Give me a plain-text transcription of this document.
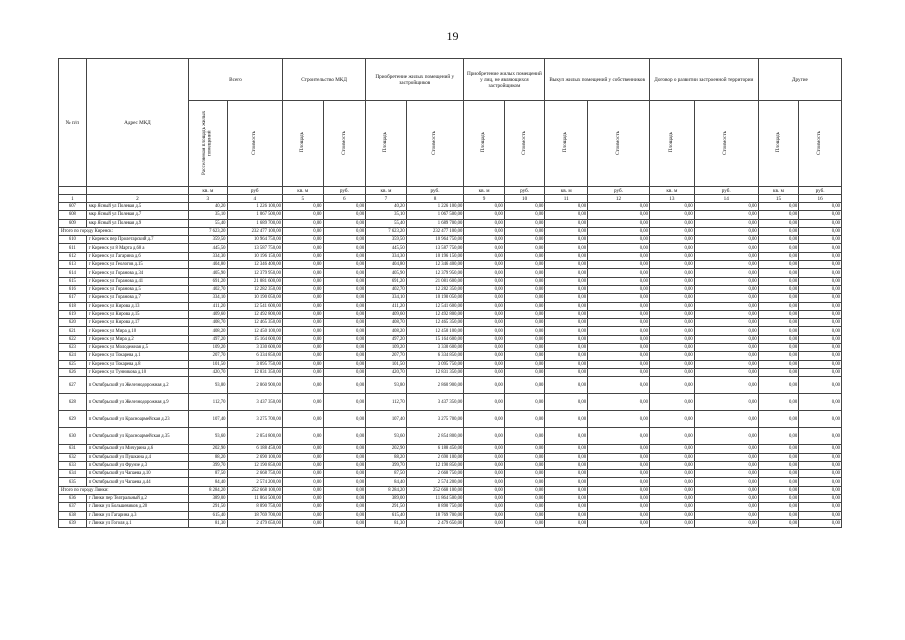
19
№ п/п	Адрес МКД	Всего		Строительство МКД		Приобретение жилых помещений у застройщиков		Приобретение жилых помещений у лиц, не являющихся застройщиком		Выкуп жилых помещений у собственников		Договор о развитии застроенной территории		Другие	
		Расселяемая площадь жилых помещений	Стоимость	Площадь	Стоимость	Площадь	Стоимость	Площадь	Стоимость	Площадь	Стоимость	Площадь	Стоимость	Площадь	Стоимость
		кв. м	руб	кв. м	руб.	кв. м	руб.	кв. м	руб.	кв. м	руб.	кв. м	руб.	кв. м	руб.
1	2	3	4	5	6	7	8	9	10	11	12	13	14	15	16
607	мкр Ясный ул Полевая д.5	40,20	1 226 100,00	0,00	0,00	40,20	1 226 100,00	0,00	0,00	0,00	0,00	0,00	0,00	0,00	0,00
608	мкр Ясный ул Полевая д.7	35,10	1 067 500,00	0,00	0,00	35,10	1 067 500,00	0,00	0,00	0,00	0,00	0,00	0,00	0,00	0,00
609	мкр Ясный ул Полевая д.9	55,40	1 689 700,00	0,00	0,00	55,40	1 689 700,00	0,00	0,00	0,00	0,00	0,00	0,00	0,00	0,00
Итого по городу Киренск:		7 623,20	232 477 100,00	0,00	0,00	7 623,20	232 477 100,00	0,00	0,00	0,00	0,00	0,00	0,00	0,00	0,00
610	г Киренск пер Пролетарский д.7	359,50	10 964 750,00	0,00	0,00	359,50	10 964 750,00	0,00	0,00	0,00	0,00	0,00	0,00	0,00	0,00
611	г Киренск ул 8 Марта д.68 а	445,50	13 587 750,00	0,00	0,00	445,50	13 587 750,00	0,00	0,00	0,00	0,00	0,00	0,00	0,00	0,00
612	г Киренск ул Гагарина д.6	334,30	10 196 150,00	0,00	0,00	334,30	10 196 150,00	0,00	0,00	0,00	0,00	0,00	0,00	0,00	0,00
613	г Киренск ул Геологов д.15	404,80	12 346 400,00	0,00	0,00	404,80	12 346 400,00	0,00	0,00	0,00	0,00	0,00	0,00	0,00	0,00
614	г Киренск ул Горанова д.34	405,90	12 379 950,00	0,00	0,00	405,90	12 379 950,00	0,00	0,00	0,00	0,00	0,00	0,00	0,00	0,00
615	г Киренск ул Горанова д.41	691,20	21 081 600,00	0,00	0,00	691,20	21 081 600,00	0,00	0,00	0,00	0,00	0,00	0,00	0,00	0,00
616	г Киренск ул Горанова д.5	402,70	12 282 350,00	0,00	0,00	402,70	12 282 350,00	0,00	0,00	0,00	0,00	0,00	0,00	0,00	0,00
617	г Киренск ул Горанова д.7	334,10	10 190 050,00	0,00	0,00	334,10	10 190 050,00	0,00	0,00	0,00	0,00	0,00	0,00	0,00	0,00
618	г Киренск ул Кирова д.13	411,20	12 541 600,00	0,00	0,00	411,20	12 541 600,00	0,00	0,00	0,00	0,00	0,00	0,00	0,00	0,00
619	г Киренск ул Кирова д.15	409,60	12 492 800,00	0,00	0,00	409,60	12 492 800,00	0,00	0,00	0,00	0,00	0,00	0,00	0,00	0,00
620	г Киренск ул Кирова д.17	408,70	12 465 350,00	0,00	0,00	408,70	12 465 350,00	0,00	0,00	0,00	0,00	0,00	0,00	0,00	0,00
621	г Киренск ул Мира д.10	408,20	12 450 100,00	0,00	0,00	408,20	12 450 100,00	0,00	0,00	0,00	0,00	0,00	0,00	0,00	0,00
622	г Киренск ул Мира д.2	497,20	15 164 600,00	0,00	0,00	497,20	15 164 600,00	0,00	0,00	0,00	0,00	0,00	0,00	0,00	0,00
623	г Киренск ул Молодежная д.5	109,20	3 330 600,00	0,00	0,00	109,20	3 330 600,00	0,00	0,00	0,00	0,00	0,00	0,00	0,00	0,00
624	г Киренск ул Токарева д.1	207,70	6 334 850,00	0,00	0,00	207,70	6 334 850,00	0,00	0,00	0,00	0,00	0,00	0,00	0,00	0,00
625	г Киренск ул Токарева д.8	101,50	3 095 750,00	0,00	0,00	101,50	3 095 750,00	0,00	0,00	0,00	0,00	0,00	0,00	0,00	0,00
626	г Киренск ул Тунникова д.10	420,70	12 831 350,00	0,00	0,00	420,70	12 831 350,00	0,00	0,00	0,00	0,00	0,00	0,00	0,00	0,00
627	п Октябрьский ул Железнодорожная д.2	93,80	2 860 900,00	0,00	0,00	93,80	2 860 900,00	0,00	0,00	0,00	0,00	0,00	0,00	0,00	0,00
628	п Октябрьский ул Железнодорожная д.9	112,70	3 437 350,00	0,00	0,00	112,70	3 437 350,00	0,00	0,00	0,00	0,00	0,00	0,00	0,00	0,00
629	п Октябрьский ул Красноармейская д.23	107,40	3 275 700,00	0,00	0,00	107,40	3 275 700,00	0,00	0,00	0,00	0,00	0,00	0,00	0,00	0,00
630	п Октябрьский ул Красноармейская д.35	93,60	2 854 800,00	0,00	0,00	93,60	2 854 800,00	0,00	0,00	0,00	0,00	0,00	0,00	0,00	0,00
631	п Октябрьский ул Мичурина д.6	202,90	6 188 450,00	0,00	0,00	202,90	6 188 450,00	0,00	0,00	0,00	0,00	0,00	0,00	0,00	0,00
632	п Октябрьский ул Пушкина д.4	88,20	2 690 100,00	0,00	0,00	88,20	2 690 100,00	0,00	0,00	0,00	0,00	0,00	0,00	0,00	0,00
633	п Октябрьский ул Фрунзе д.3	399,70	12 190 850,00	0,00	0,00	399,70	12 190 850,00	0,00	0,00	0,00	0,00	0,00	0,00	0,00	0,00
634	п Октябрьский ул Чапаева д.10	87,50	2 668 750,00	0,00	0,00	87,50	2 668 750,00	0,00	0,00	0,00	0,00	0,00	0,00	0,00	0,00
635	п Октябрьский ул Чапаева д.44	84,40	2 574 200,00	0,00	0,00	84,40	2 574 200,00	0,00	0,00	0,00	0,00	0,00	0,00	0,00	0,00
Итого по городу Лянки:		8 284,20	252 668 100,00	0,00	0,00	8 284,20	252 668 100,00	0,00	0,00	0,00	0,00	0,00	0,00	0,00	0,00
636	г Лянки пер Театральный д.2	389,00	11 864 500,00	0,00	0,00	389,00	11 864 500,00	0,00	0,00	0,00	0,00	0,00	0,00	0,00	0,00
637	г Лянки ул Большевиков д.20	291,50	8 890 750,00	0,00	0,00	291,50	8 890 750,00	0,00	0,00	0,00	0,00	0,00	0,00	0,00	0,00
638	г Лянки ул Гагарина д.3	615,40	18 769 700,00	0,00	0,00	615,40	18 769 700,00	0,00	0,00	0,00	0,00	0,00	0,00	0,00	0,00
639	г Лянки ул Гоголя д.1	81,30	2 479 650,00	0,00	0,00	81,30	2 479 650,00	0,00	0,00	0,00	0,00	0,00	0,00	0,00	0,00
